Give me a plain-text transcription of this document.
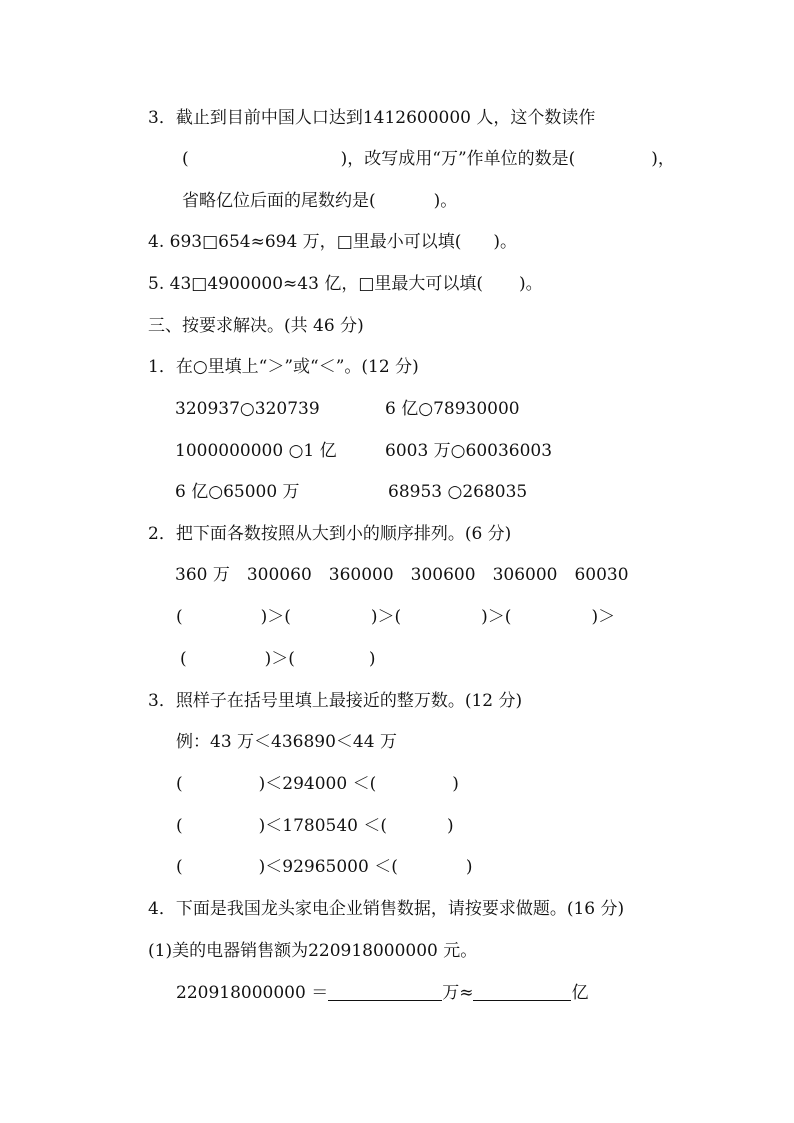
3．截止到目前中国人口达到1412600000 人，这个数读作
(	)，改写成用“万”作单位的数是(	)，
省略亿位后面的尾数约是(	)。
4. 693□654≈694 万，□里最小可以填( )。
5. 43□4900000≈43 亿，□里最大可以填( )。
三、按要求解决。(共 46 分)
1．在○里填上“＞”或“＜”。(12 分)
320937○320739	6 亿○78930000
1000000000 ○1 亿	6003 万○60036003
6 亿○65000 万	68953 ○268035
2．把下面各数按照从大到小的顺序排列。(6 分)
360 万 300060 360000 300600 306000 60030
(	)＞(	)＞(	)＞(	)＞
(	)＞(	)
3．照样子在括号里填上最接近的整万数。(12 分)
例：43 万＜436890＜44 万
(	)＜294000 ＜(	)
(	)＜1780540 ＜(	)
(	)＜92965000 ＜(	)
4．下面是我国龙头家电企业销售数据，请按要求做题。(16 分)
(1)美的电器销售额为220918000000 元。
220918000000 ＝	万≈	亿
